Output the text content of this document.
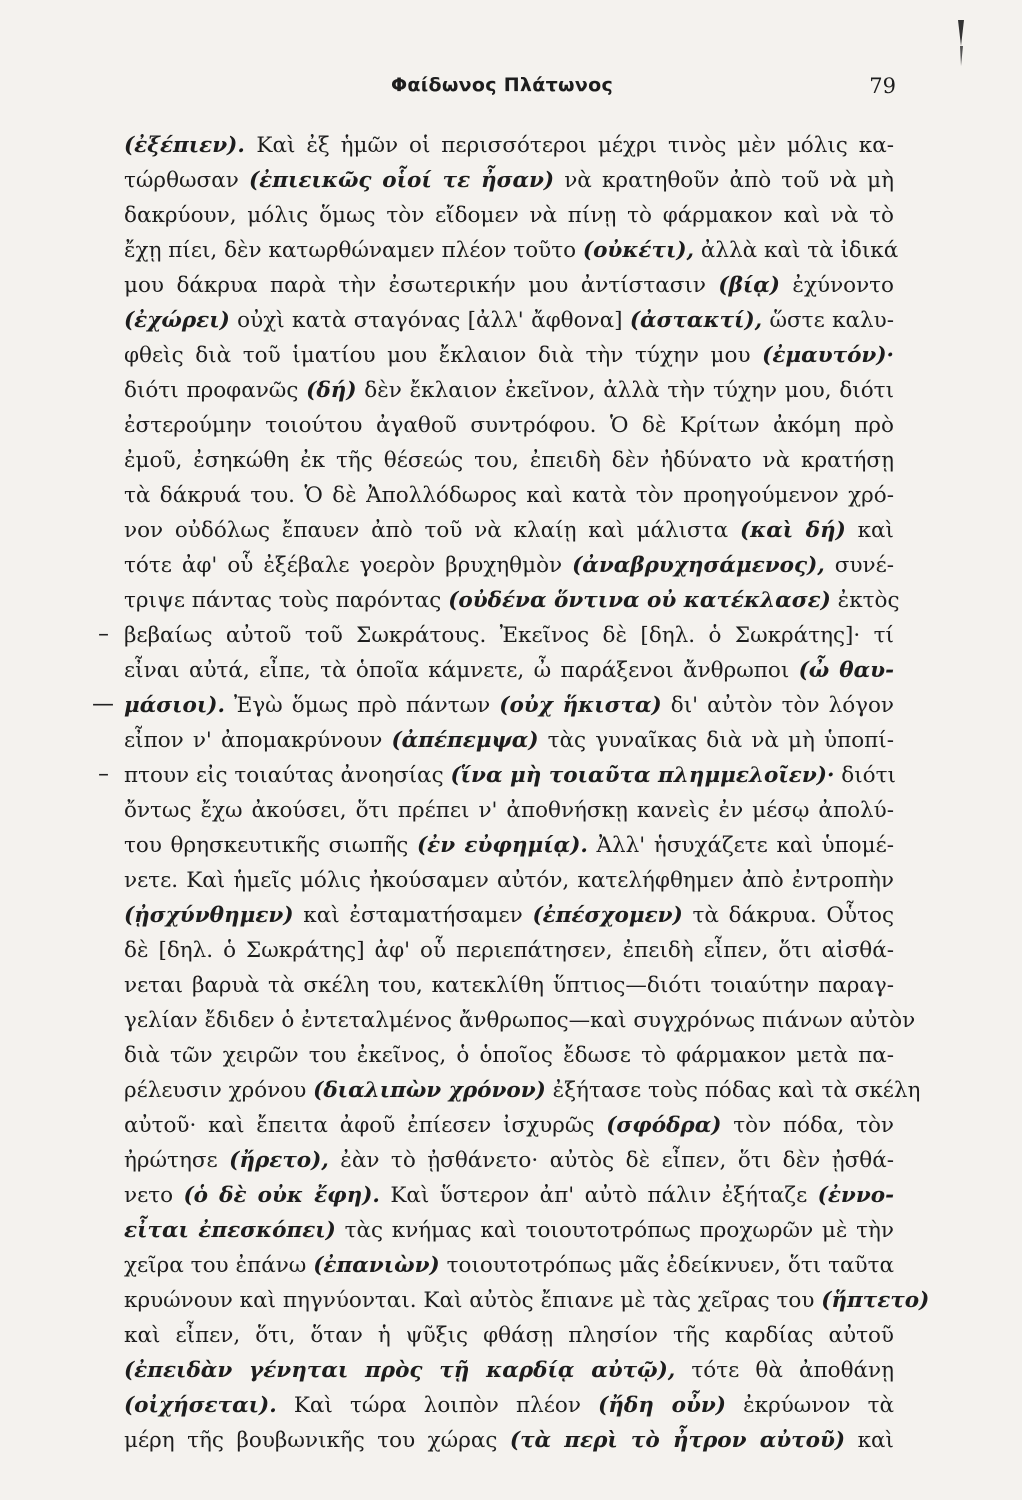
Φαίδωνος Πλάτωνος	79
(ἐξέπιεν). Καὶ ἐξ ἡμῶν οἱ περισσότεροι μέχρι τινὸς μὲν μόλις κα-
τώρθωσαν (ἐπιεικῶς οἷοί τε ἦσαν) νὰ κρατηθοῦν ἀπὸ τοῦ νὰ μὴ
δακρύουν, μόλις ὅμως τὸν εἴδομεν νὰ πίνῃ τὸ φάρμακον καὶ νὰ τὸ
ἔχῃ πίει, δὲν κατωρθώναμεν πλέον τοῦτο (οὐκέτι), ἀλλὰ καὶ τὰ ἰδικά
μου δάκρυα παρὰ τὴν ἐσωτερικήν μου ἀντίστασιν (βίᾳ) ἐχύνοντο
(ἐχώρει) οὐχὶ κατὰ σταγόνας [ἀλλ' ἄφθονα] (ἀστακτί), ὥστε καλυ-
φθεὶς διὰ τοῦ ἱματίου μου ἔκλαιον διὰ τὴν τύχην μου (ἐμαυτόν)·
διότι προφανῶς (δή) δὲν ἔκλαιον ἐκεῖνον, ἀλλὰ τὴν τύχην μου, διότι
ἐστερούμην τοιούτου ἀγαθοῦ συντρόφου. Ὁ δὲ Κρίτων ἀκόμη πρὸ
ἐμοῦ, ἐσηκώθη ἐκ τῆς θέσεώς του, ἐπειδὴ δὲν ἠδύνατο νὰ κρατήσῃ
τὰ δάκρυά του. Ὁ δὲ Ἀπολλόδωρος καὶ κατὰ τὸν προηγούμενον χρό-
νον οὐδόλως ἔπαυεν ἀπὸ τοῦ νὰ κλαίῃ καὶ μάλιστα (καὶ δή) καὶ
τότε ἀφ' οὗ ἐξέβαλε γοερὸν βρυχηθμὸν (ἀναβρυχησάμενος), συνέ-
τριψε πάντας τοὺς παρόντας (οὐδένα ὅντινα οὐ κατέκλασε) ἐκτὸς
βεβαίως αὐτοῦ τοῦ Σωκράτους. Ἐκεῖνος δὲ [δηλ. ὁ Σωκράτης]· τί
εἶναι αὐτά, εἶπε, τὰ ὁποῖα κάμνετε, ὦ παράξενοι ἄνθρωποι (ὦ θαυ-
μάσιοι). Ἐγὼ ὅμως πρὸ πάντων (οὐχ ἥκιστα) δι' αὐτὸν τὸν λόγον
εἶπον ν' ἀπομακρύνουν (ἀπέπεμψα) τὰς γυναῖκας διὰ νὰ μὴ ὑποπί-
πτουν εἰς τοιαύτας ἀνοησίας (ἵνα μὴ τοιαῦτα πλημμελοῖεν)· διότι
ὄντως ἔχω ἀκούσει, ὅτι πρέπει ν' ἀποθνήσκῃ κανεὶς ἐν μέσῳ ἀπολύ-
του θρησκευτικῆς σιωπῆς (ἐν εὐφημίᾳ). Ἀλλ' ἡσυχάζετε καὶ ὑπομέ-
νετε. Καὶ ἡμεῖς μόλις ἠκούσαμεν αὐτόν, κατελήφθημεν ἀπὸ ἐντροπὴν
(ᾐσχύνθημεν) καὶ ἐσταματήσαμεν (ἐπέσχομεν) τὰ δάκρυα. Οὗτος
δὲ [δηλ. ὁ Σωκράτης] ἀφ' οὗ περιεπάτησεν, ἐπειδὴ εἶπεν, ὅτι αἰσθά-
νεται βαρυὰ τὰ σκέλη του, κατεκλίθη ὕπτιος—διότι τοιαύτην παραγ-
γελίαν ἔδιδεν ὁ ἐντεταλμένος ἄνθρωπος—καὶ συγχρόνως πιάνων αὐτὸν
διὰ τῶν χειρῶν του ἐκεῖνος, ὁ ὁποῖος ἔδωσε τὸ φάρμακον μετὰ πα-
ρέλευσιν χρόνου (διαλιπὼν χρόνον) ἐξήτασε τοὺς πόδας καὶ τὰ σκέλη
αὐτοῦ· καὶ ἔπειτα ἀφοῦ ἐπίεσεν ἰσχυρῶς (σφόδρα) τὸν πόδα, τὸν
ἠρώτησε (ἤρετο), ἐὰν τὸ ᾐσθάνετο· αὐτὸς δὲ εἶπεν, ὅτι δὲν ᾐσθά-
νετο (ὁ δὲ οὐκ ἔφη). Καὶ ὕστερον ἀπ' αὐτὸ πάλιν ἐξήταζε (ἐννο-
εἶται ἐπεσκόπει) τὰς κνήμας καὶ τοιουτοτρόπως προχωρῶν μὲ τὴν
χεῖρα του ἐπάνω (ἐπανιὼν) τοιουτοτρόπως μᾶς ἐδείκνυεν, ὅτι ταῦτα
κρυώνουν καὶ πηγνύονται. Καὶ αὐτὸς ἔπιανε μὲ τὰς χεῖρας του (ἥπτετο)
καὶ εἶπεν, ὅτι, ὅταν ἡ ψῦξις φθάσῃ πλησίον τῆς καρδίας αὐτοῦ
(ἐπειδὰν γένηται πρὸς τῇ καρδίᾳ αὐτῷ), τότε θὰ ἀποθάνῃ
(οἰχήσεται). Καὶ τώρα λοιπὸν πλέον (ἤδη οὖν) ἐκρύωνον τὰ
μέρη τῆς βουβωνικῆς του χώρας (τὰ περὶ τὸ ἦτρον αὐτοῦ) καὶ
–
—
–
